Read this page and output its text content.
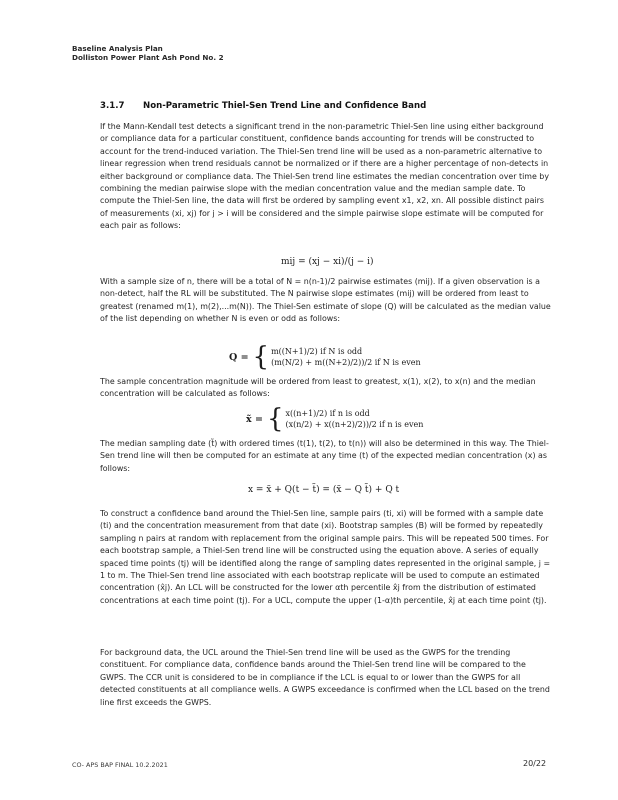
Baseline Analysis Plan
Dolliston Power Plant Ash Pond No. 2
3.1.7 Non-Parametric Thiel-Sen Trend Line and Confidence Band

If the Mann-Kendall test detects a significant trend in the non-parametric Thiel-Sen line using either background or compliance data for a particular constituent, confidence bands accounting for trends will be constructed to account for the trend-induced variation. The Thiel-Sen trend line will be used as a non-parametric alternative to linear regression when trend residuals cannot be normalized or if there are a higher percentage of non-detects in either background or compliance data. The Thiel-Sen trend line estimates the median concentration over time by combining the median pairwise slope with the median concentration value and the median sample date. To compute the Thiel-Sen line, the data will first be ordered by sampling event x1, x2, xn. All possible distinct pairs of measurements (xi, xj) for j > i will be considered and the simple pairwise slope estimate will be computed for each pair as follows:

mij = (xj − xi)/(j − i)

With a sample size of n, there will be a total of N = n(n-1)/2 pairwise estimates (mij). If a given observation is a non-detect, half the RL will be substituted. The N pairwise slope estimates (mij) will be ordered from least to greatest (renamed m(1), m(2),...m(N)). The Thiel-Sen estimate of slope (Q) will be calculated as the median value of the list depending on whether N is even or odd as follows:

Q = { m((N+1)/2) if N is odd
(m(N/2) + m((N+2)/2))/2 if N is even

The sample concentration magnitude will be ordered from least to greatest, x(1), x(2), to x(n) and the median concentration will be calculated as follows:

x̃ = { x((n+1)/2) if n is odd
(x(n/2) + x((n+2)/2))/2 if n is even

The median sampling date (t̃) with ordered times (t(1), t(2), to t(n)) will also be determined in this way. The Thiel-Sen trend line will then be computed for an estimate at any time (t) of the expected median concentration (x) as follows:

x = x̃ + Q(t − t̃) = (x̃ − Q t̃) + Q t

To construct a confidence band around the Thiel-Sen line, sample pairs (ti, xi) will be formed with a sample date (ti) and the concentration measurement from that date (xi). Bootstrap samples (B) will be formed by repeatedly sampling n pairs at random with replacement from the original sample pairs. This will be repeated 500 times. For each bootstrap sample, a Thiel-Sen trend line will be constructed using the equation above. A series of equally spaced time points (tj) will be identified along the range of sampling dates represented in the original sample, j = 1 to m. The Thiel-Sen trend line associated with each bootstrap replicate will be used to compute an estimated concentration (x̂j). An LCL will be constructed for the lower αth percentile x̂j from the distribution of estimated concentrations at each time point (tj). For a UCL, compute the upper (1-α)th percentile, x̂j at each time point (tj).

For background data, the UCL around the Thiel-Sen trend line will be used as the GWPS for the trending constituent. For compliance data, confidence bands around the Thiel-Sen trend line will be compared to the GWPS. The CCR unit is considered to be in compliance if the LCL is equal to or lower than the GWPS for all detected constituents at all compliance wells. A GWPS exceedance is confirmed when the LCL based on the trend line first exceeds the GWPS.

CO- APS BAP FINAL 10.2.2021	20/22
